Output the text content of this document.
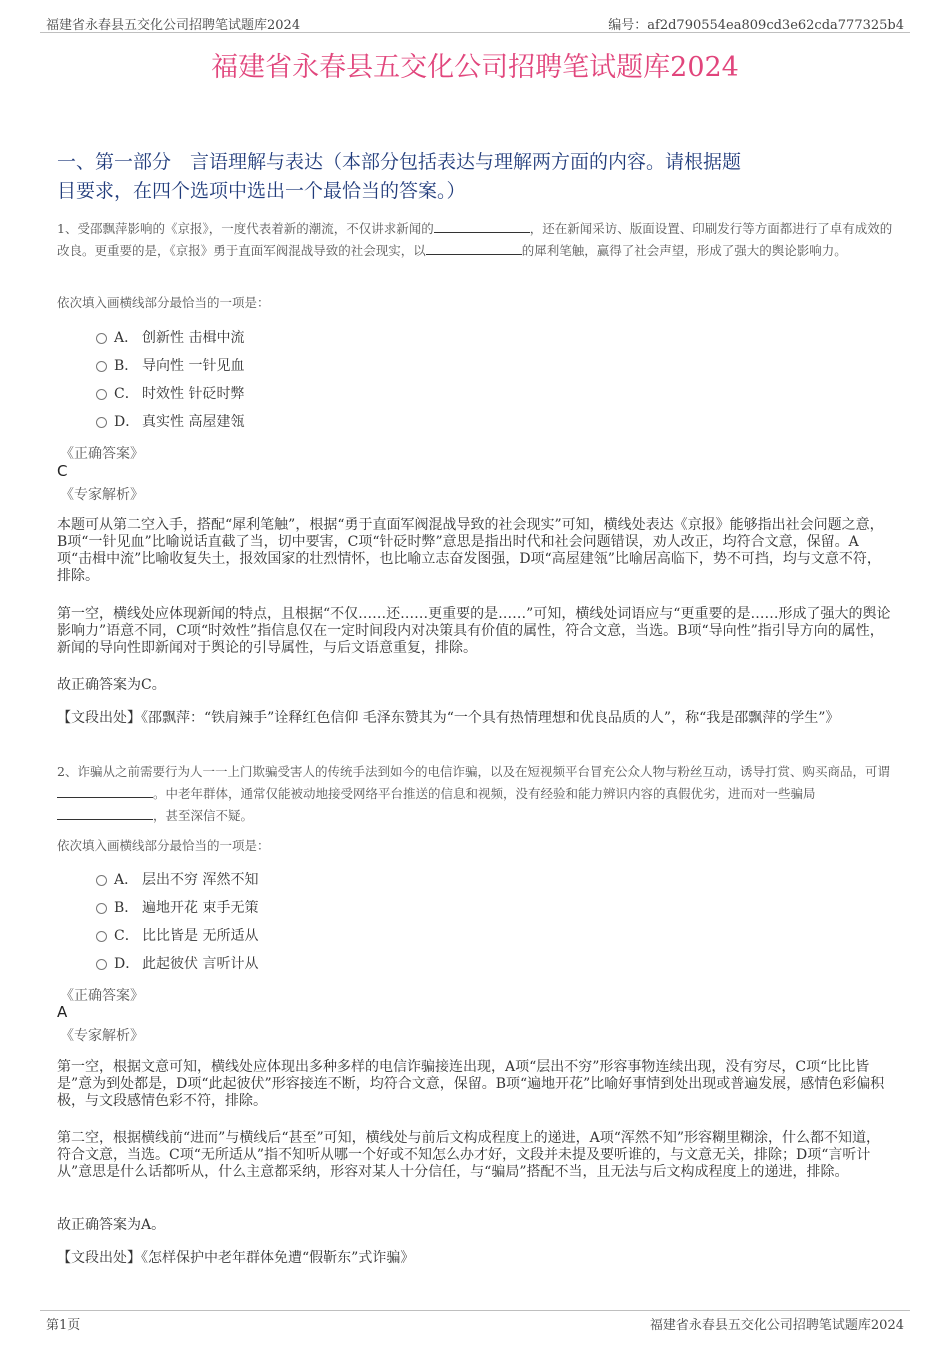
福建省永春县五交化公司招聘笔试题库2024	编号：af2d790554ea809cd3e62cda777325b4
福建省永春县五交化公司招聘笔试题库2024
一、第一部分　言语理解与表达（本部分包括表达与理解两方面的内容。请根据题
目要求，在四个选项中选出一个最恰当的答案。）
1、受邵飘萍影响的《京报》，一度代表着新的潮流，不仅讲求新闻的	，还在新闻采访、版面设置、印刷发行等方面都进行了卓有成效的改良。更重要的是，《京报》勇于直面军阀混战导致的社会现实，以	的犀利笔触，赢得了社会声望，形成了强大的舆论影响力。
依次填入画横线部分最恰当的一项是：
A． 创新性 击楫中流
B． 导向性 一针见血
C． 时效性 针砭时弊
D． 真实性 高屋建瓴
《正确答案》
C
《专家解析》
本题可从第二空入手，搭配“犀利笔触”，根据“勇于直面军阀混战导致的社会现实”可知，横线处表达《京报》能够指出社会问题之意，B项“一针见血”比喻说话直截了当，切中要害，C项“针砭时弊”意思是指出时代和社会问题错误，劝人改正，均符合文意，保留。A项“击楫中流”比喻收复失土，报效国家的壮烈情怀，也比喻立志奋发图强，D项“高屋建瓴”比喻居高临下，势不可挡，均与文意不符，排除。
第一空，横线处应体现新闻的特点，且根据“不仅……还……更重要的是……”可知，横线处词语应与“更重要的是……形成了强大的舆论影响力”语意不同，C项“时效性”指信息仅在一定时间段内对决策具有价值的属性，符合文意，当选。B项“导向性”指引导方向的属性，新闻的导向性即新闻对于舆论的引导属性，与后文语意重复，排除。
故正确答案为C。
【文段出处】《邵飘萍：“铁肩辣手”诠释红色信仰 毛泽东赞其为“一个具有热情理想和优良品质的人”，称“我是邵飘萍的学生”》
2、诈骗从之前需要行为人一一上门欺骗受害人的传统手法到如今的电信诈骗，以及在短视频平台冒充公众人物与粉丝互动，诱导打赏、购买商品，可谓。中老年群体，通常仅能被动地接受网络平台推送的信息和视频，没有经验和能力辨识内容的真假优劣，进而对一些骗局，甚至深信不疑。
依次填入画横线部分最恰当的一项是：
A． 层出不穷 浑然不知
B． 遍地开花 束手无策
C． 比比皆是 无所适从
D． 此起彼伏 言听计从
《正确答案》
A
《专家解析》
第一空，根据文意可知，横线处应体现出多种多样的电信诈骗接连出现，A项“层出不穷”形容事物连续出现，没有穷尽，C项“比比皆是”意为到处都是，D项“此起彼伏”形容接连不断，均符合文意，保留。B项“遍地开花”比喻好事情到处出现或普遍发展，感情色彩偏积极，与文段感情色彩不符，排除。
第二空，根据横线前“进而”与横线后“甚至”可知，横线处与前后文构成程度上的递进，A项“浑然不知”形容糊里糊涂，什么都不知道，符合文意，当选。C项“无所适从”指不知听从哪一个好或不知怎么办才好，文段并未提及要听谁的，与文意无关，排除；D项“言听计从”意思是什么话都听从，什么主意都采纳，形容对某人十分信任，与“骗局”搭配不当，且无法与后文构成程度上的递进，排除。
故正确答案为A。
【文段出处】《怎样保护中老年群体免遭“假靳东”式诈骗》
第1页	福建省永春县五交化公司招聘笔试题库2024
